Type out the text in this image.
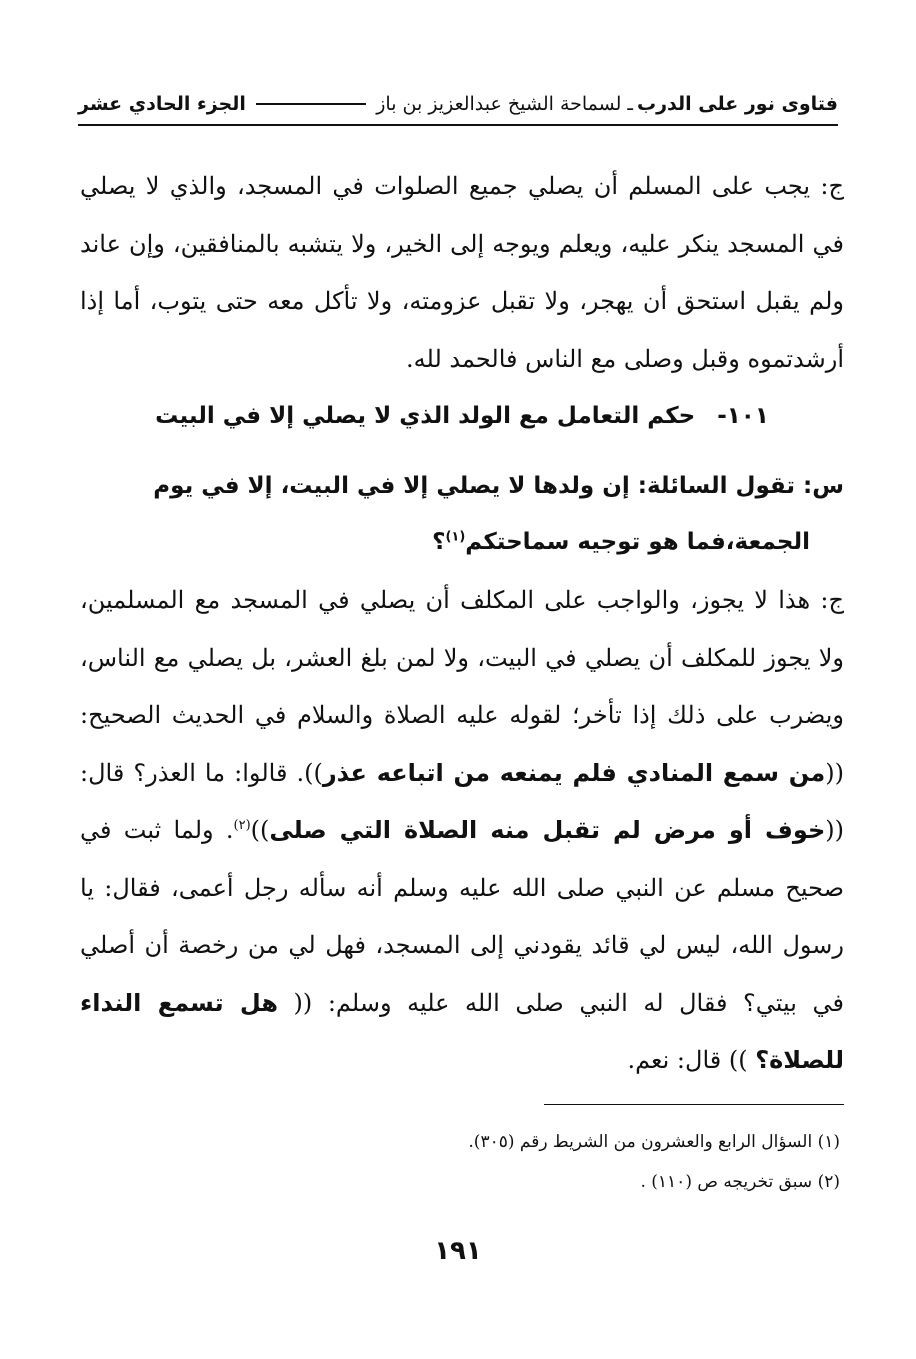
فتاوى نور على الدرب
ـ لسماحة الشيخ عبدالعزيز بن باز
الجزء الحادي عشر

ج: يجب على المسلم أن يصلي جميع الصلوات في المسجد، والذي لا يصلي في المسجد ينكر عليه، ويعلم ويوجه إلى الخير، ولا يتشبه بالمنافقين، وإن عاند ولم يقبل استحق أن يهجر، ولا تقبل عزومته، ولا تأكل معه حتى يتوب، أما إذا أرشدتموه وقبل وصلى مع الناس فالحمد لله.

١٠١-حكم التعامل مع الولد الذي لا يصلي إلا في البيت
س: تقول السائلة: إن ولدها لا يصلي إلا في البيت، إلا في يوم
الجمعة،فما هو توجيه سماحتكم$^{(١)}$؟

ج: هذا لا يجوز، والواجب على المكلف أن يصلي في المسجد مع المسلمين، ولا يجوز للمكلف أن يصلي في البيت، ولا لمن بلغ العشر، بل يصلي مع الناس، ويضرب على ذلك إذا تأخر؛ لقوله عليه الصلاة والسلام في الحديث الصحيح: ((من سمع المنادي فلم يمنعه من اتباعه عذر)). قالوا: ما العذر؟ قال: ((خوف أو مرض لم تقبل منه الصلاة التي صلى))$^{(٢)}$. ولما ثبت في صحيح مسلم عن النبي صلى الله عليه وسلم أنه سأله رجل أعمى، فقال: يا رسول الله، ليس لي قائد يقودني إلى المسجد، فهل لي من رخصة أن أصلي في بيتي؟ فقال له النبي صلى الله عليه وسلم: (( هل تسمع النداء للصلاة؟ )) قال: نعم.

(١) السؤال الرابع والعشرون من الشريط رقم (٣٠٥).
(٢) سبق تخريجه ص (١١٠) .
١٩١
